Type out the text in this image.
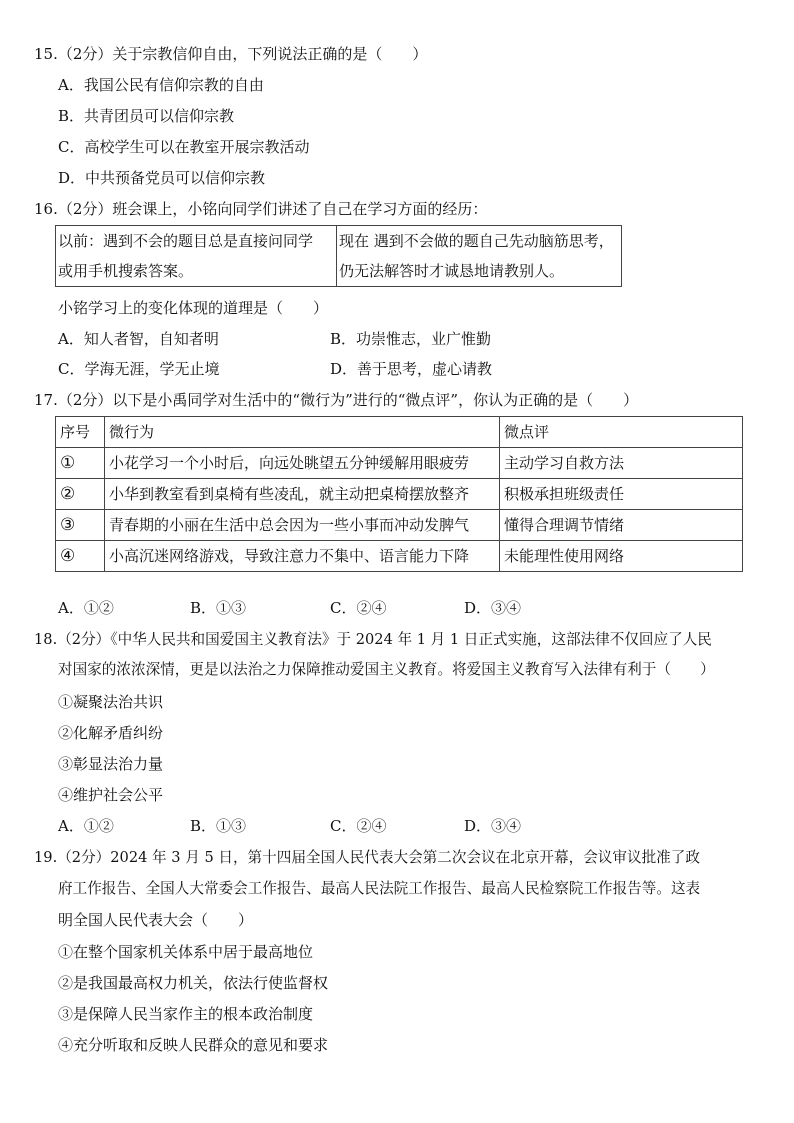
15.（2分）关于宗教信仰自由，下列说法正确的是（　　）
A．我国公民有信仰宗教的自由
B．共青团员可以信仰宗教
C．高校学生可以在教室开展宗教活动
D．中共预备党员可以信仰宗教
16.（2分）班会课上，小铭向同学们讲述了自己在学习方面的经历：
以前：遇到不会的题目总是直接问同学
或用手机搜索答案。

现在 遇到不会做的题自己先动脑筋思考，
仍无法解答时才诚恳地请教别人。
小铭学习上的变化体现的道理是（　　）
A．知人者智，自知者明	B．功崇惟志，业广惟勤
C．学海无涯，学无止境	D．善于思考，虚心请教
17.（2分）以下是小禹同学对生活中的“微行为”进行的“微点评”，你认为正确的是（　　）
序号	微行为	微点评
①	小花学习一个小时后，向远处眺望五分钟缓解用眼疲劳	主动学习自救方法
②	小华到教室看到桌椅有些凌乱，就主动把桌椅摆放整齐	积极承担班级责任
③	青春期的小丽在生活中总会因为一些小事而冲动发脾气	懂得合理调节情绪
④	小高沉迷网络游戏，导致注意力不集中、语言能力下降	未能理性使用网络
A．①②	B．①③	C．②④	D．③④
18.（2分）《中华人民共和国爱国主义教育法》于 2024 年 1 月 1 日正式实施，这部法律不仅回应了人民
对国家的浓浓深情，更是以法治之力保障推动爱国主义教育。将爱国主义教育写入法律有利于（　　）
①凝聚法治共识
②化解矛盾纠纷
③彰显法治力量
④维护社会公平
A．①②	B．①③	C．②④	D．③④
19.（2分）2024 年 3 月 5 日，第十四届全国人民代表大会第二次会议在北京开幕，会议审议批准了政
府工作报告、全国人大常委会工作报告、最高人民法院工作报告、最高人民检察院工作报告等。这表
明全国人民代表大会（　　）
①在整个国家机关体系中居于最高地位
②是我国最高权力机关，依法行使监督权
③是保障人民当家作主的根本政治制度
④充分听取和反映人民群众的意见和要求
